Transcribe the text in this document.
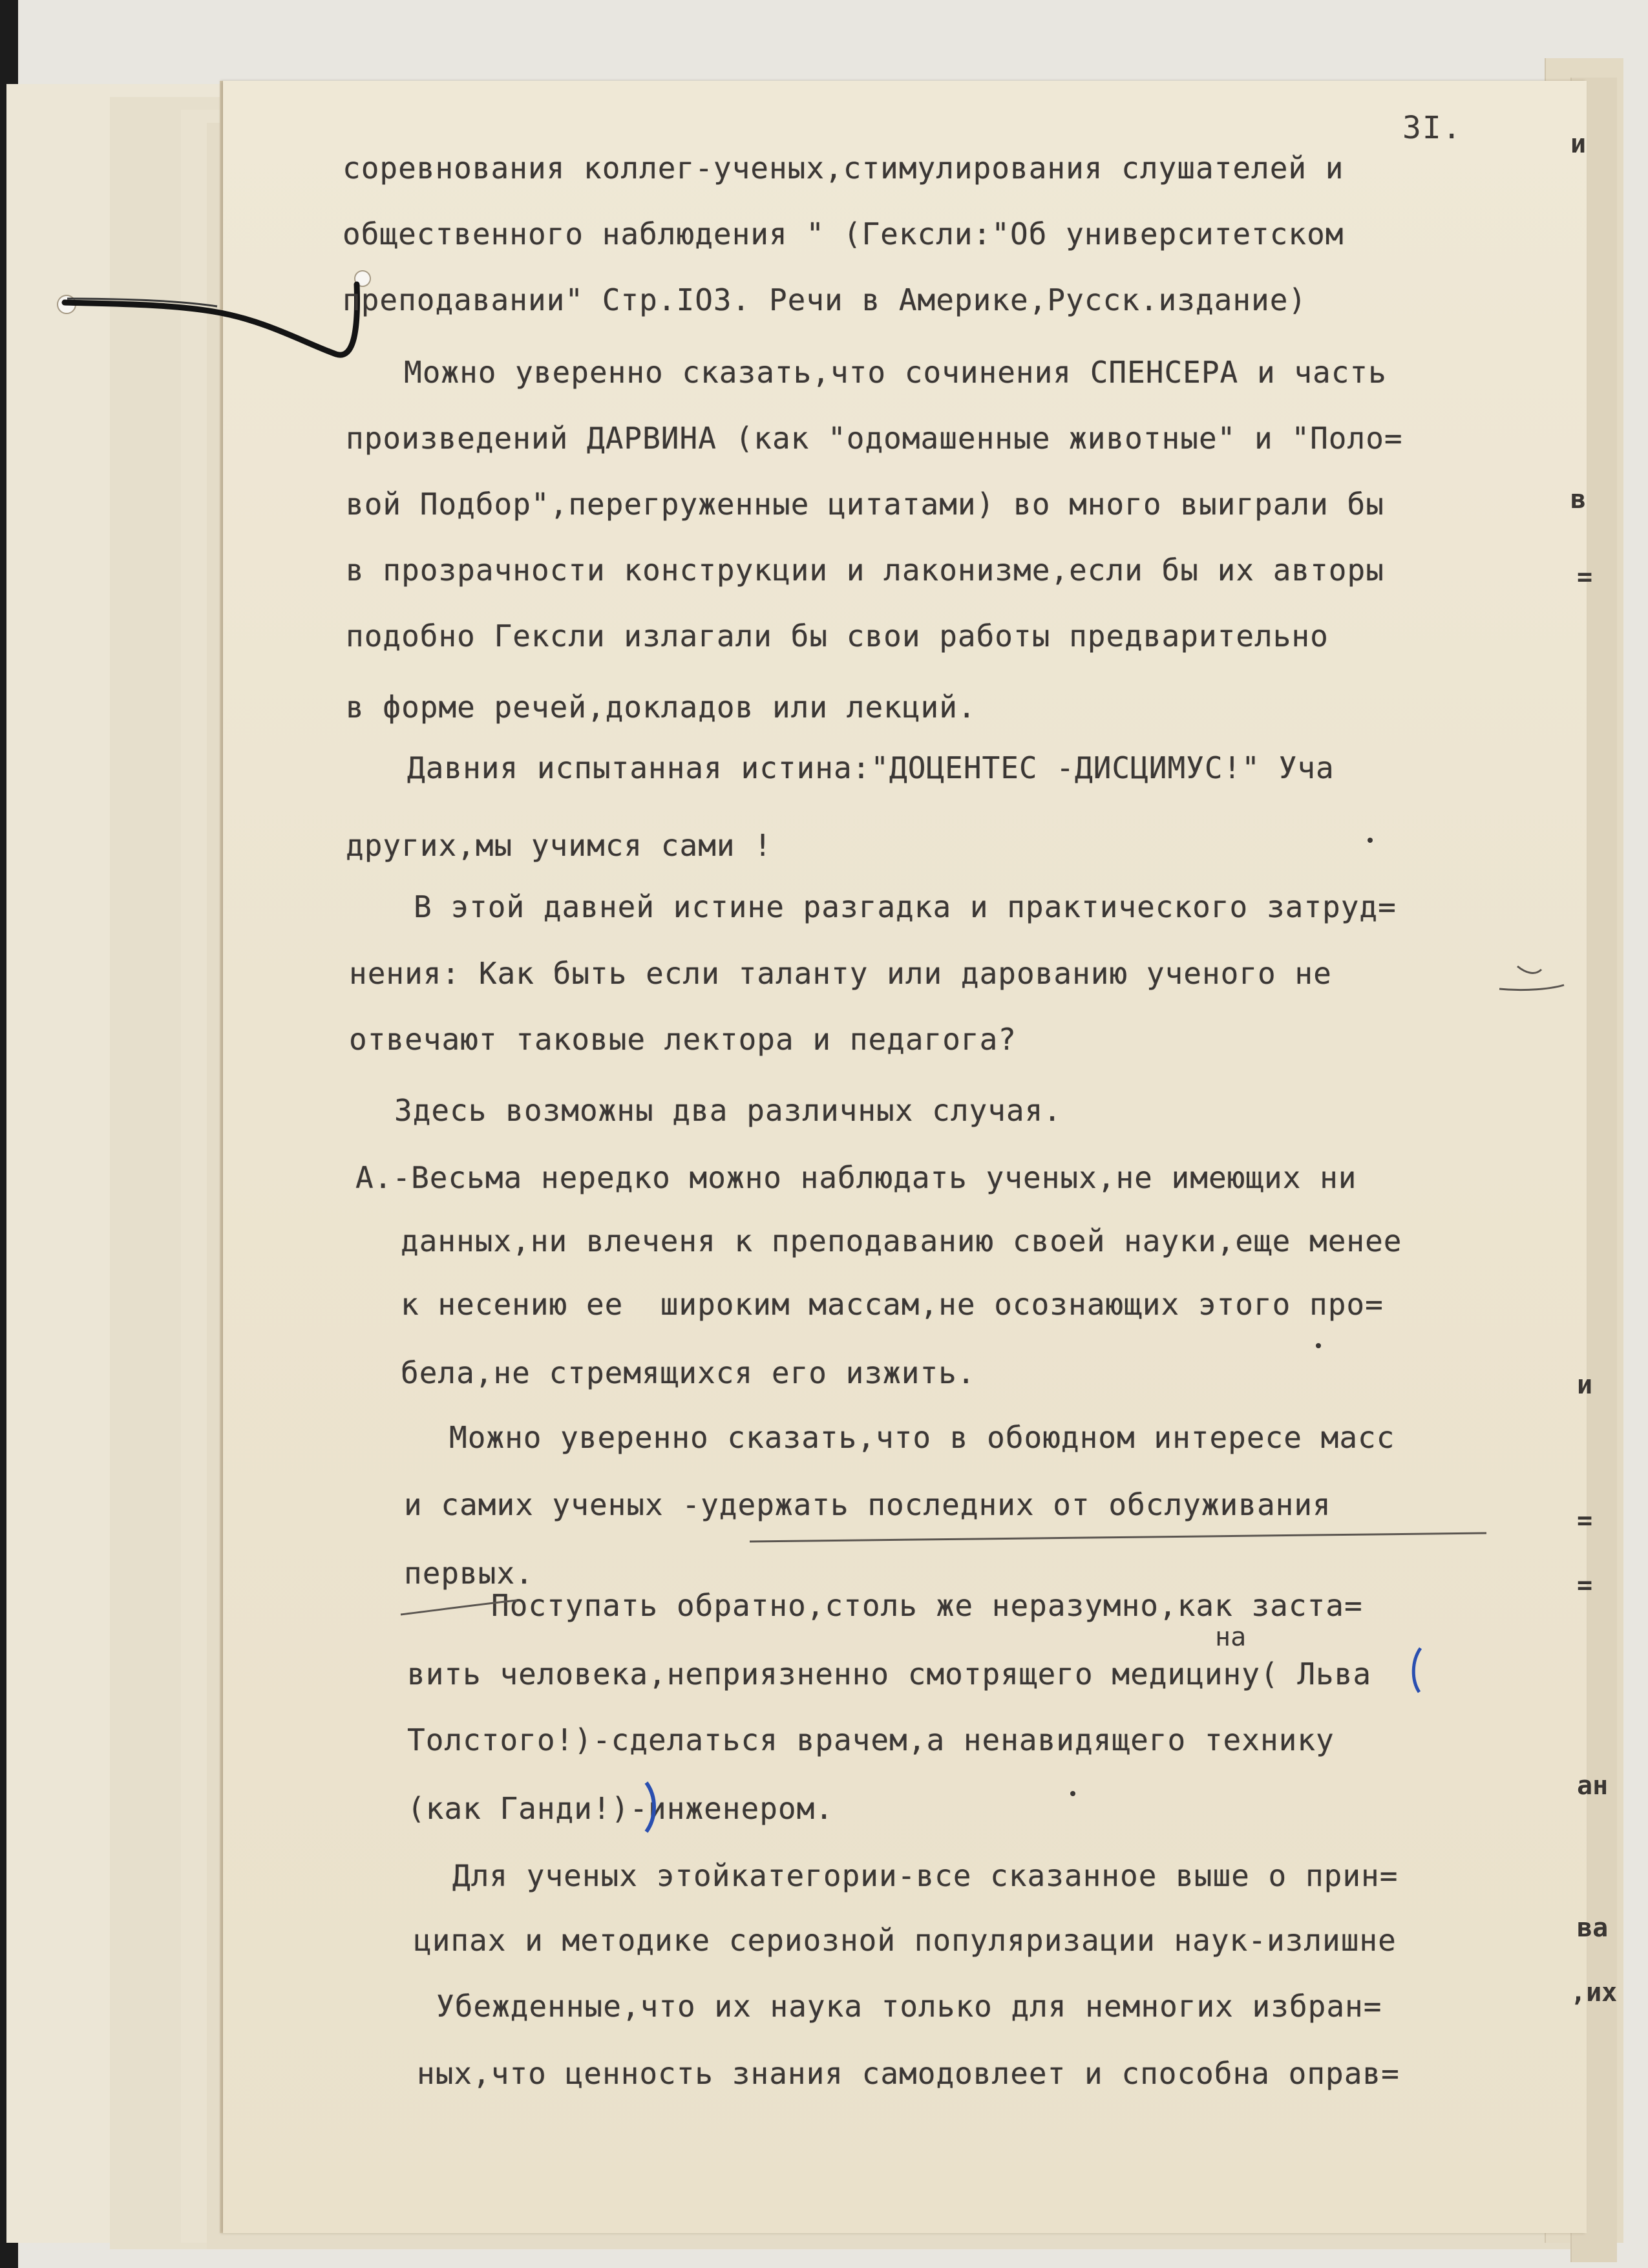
3I.
соревнования коллег-ученых,стимулирования слушателей и
общественного наблюдения " (Гексли:"Об университетском
преподавании" Стр.IO3. Речи в Америке,Русск.издание)
Можно уверенно сказать,что сочинения СПЕНСЕРА и часть
произведений ДАРВИНА (как "одомашенные животные" и "Поло=
вой Подбор",перегруженные цитатами) во много выиграли бы
в прозрачности конструкции и лаконизме,если бы их авторы
подобно Гексли излагали бы свои работы предварительно
в форме речей,докладов или лекций.
Давния испытанная истина:"ДОЦЕНТЕС -ДИСЦИМУС!" Уча
других,мы учимся сами !
В этой давней истине разгадка и практического затруд=
нения: Как быть если таланту или дарованию ученого не
отвечают таковые лектора и педагога?
Здесь возможны два различных случая.
А.-Весьма нередко можно наблюдать ученых,не имеющих ни
данных,ни влеченя к преподаванию своей науки,еще менее
к несению ее  широким массам,не осознающих этого про=
бела,не стремящихся его изжить.
Можно уверенно сказать,что в обоюдном интересе масс
и самих ученых -удержать последних от обслуживания
первых.
Поступать обратно,столь же неразумно,как заста=
вить человека,неприязненно смотрящего медицину( Льва
Толстого!)-сделаться врачем,а ненавидящего технику
(как Ганди!)-инженером.
Для ученых этойкатегории-все сказанное выше о прин=
ципах и методике сериозной популяризации наук-излишне
Убежденные,что их наука только для немногих избран=
ных,что ценность знания самодовлеет и способна оправ=
на
и
в
=
и
=
=
ан
ва
,их
